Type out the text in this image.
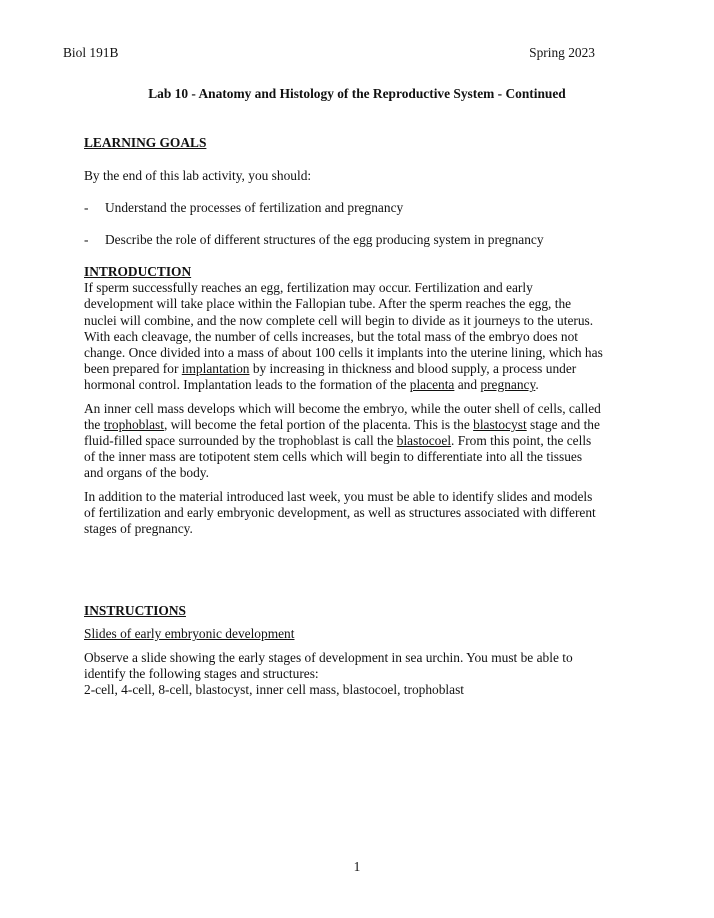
Biol 191B	Spring 2023
Lab 10 - Anatomy and Histology of the Reproductive System - Continued
LEARNING GOALS
By the end of this lab activity, you should:
- Understand the processes of fertilization and pregnancy
- Describe the role of different structures of the egg producing system in pregnancy
INTRODUCTION

If sperm successfully reaches an egg, fertilization may occur. Fertilization and early development will take place within the Fallopian tube. After the sperm reaches the egg, the nuclei will combine, and the now complete cell will begin to divide as it journeys to the uterus. With each cleavage, the number of cells increases, but the total mass of the embryo does not change. Once divided into a mass of about 100 cells it implants into the uterine lining, which has been prepared for implantation by increasing in thickness and blood supply, a process under hormonal control. Implantation leads to the formation of the placenta and pregnancy.

An inner cell mass develops which will become the embryo, while the outer shell of cells, called the trophoblast, will become the fetal portion of the placenta. This is the blastocyst stage and the fluid-filled space surrounded by the trophoblast is call the blastocoel. From this point, the cells of the inner mass are totipotent stem cells which will begin to differentiate into all the tissues and organs of the body.

In addition to the material introduced last week, you must be able to identify slides and models of fertilization and early embryonic development, as well as structures associated with different stages of pregnancy.

INSTRUCTIONS
Slides of early embryonic development
Observe a slide showing the early stages of development in sea urchin. You must be able to identify the following stages and structures:
2-cell, 4-cell, 8-cell, blastocyst, inner cell mass, blastocoel, trophoblast
1
